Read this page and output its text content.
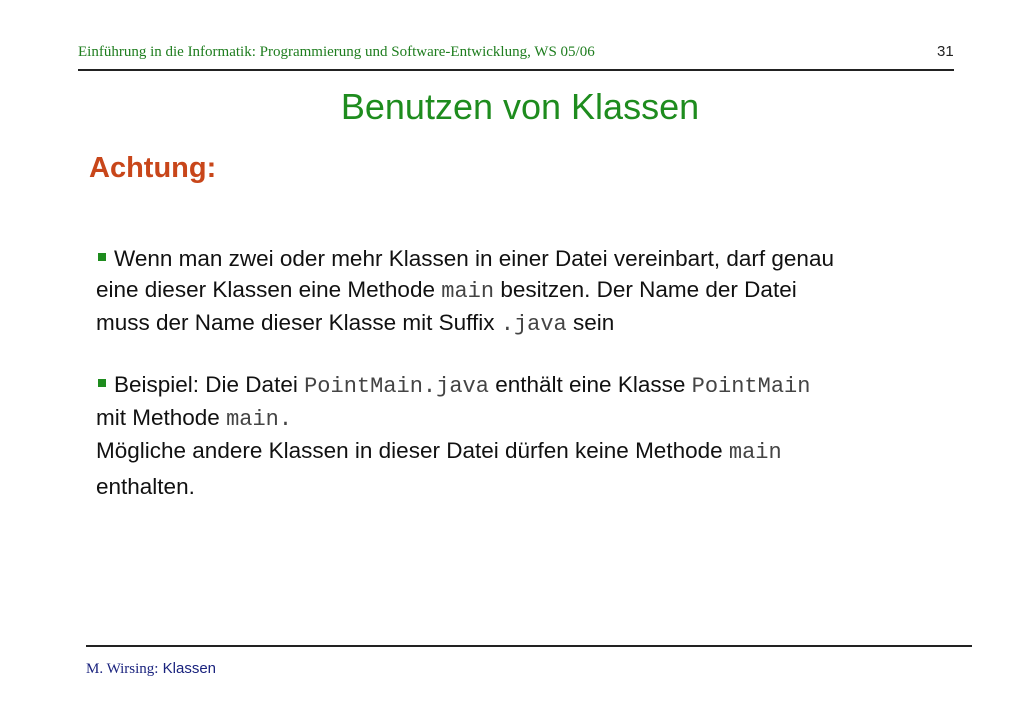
Einführung in die Informatik: Programmierung und Software-Entwicklung, WS 05/06	31
Benutzen von Klassen
Achtung:
Wenn man zwei oder mehr Klassen in einer Datei vereinbart, darf genau
eine dieser Klassen eine Methode main besitzen. Der Name der Datei
muss der Name dieser Klasse mit Suffix .java sein
Beispiel: Die Datei PointMain.java enthält eine Klasse PointMain
mit Methode main.
Mögliche andere Klassen in dieser Datei dürfen keine Methode main
enthalten.
M. Wirsing: Klassen
